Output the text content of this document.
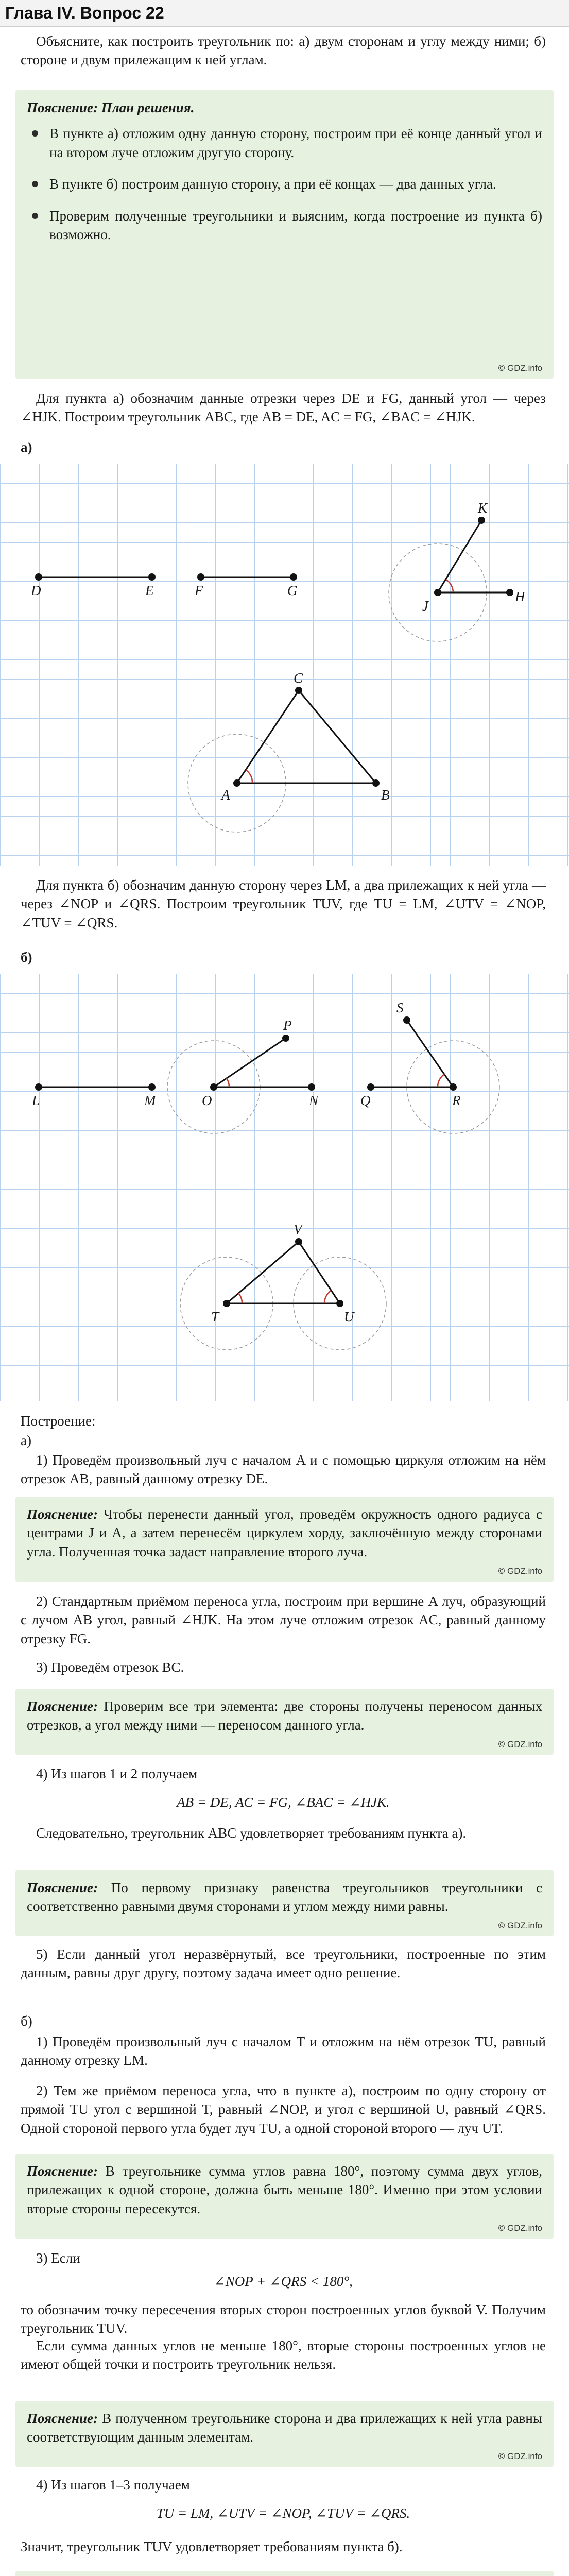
Глава IV. Вопрос 22
Объясните, как построить треугольник по: а) двум сторонам и углу между ними; б) стороне и двум прилежащим к ней углам.
Пояснение: План решения.
В пункте а) отложим одну данную сторону, построим при её конце данный угол и на втором луче отложим другую сторону.
В пункте б) построим данную сторону, а при её концах — два данных угла.
Проверим полученные треугольники и выясним, когда построение из пункта б) возможно.
© GDZ.info
Для пункта а) обозначим данные отрезки через DE и FG, данный угол — через ∠HJK. Построим треугольник ABC, где AB = DE, AC = FG, ∠BAC = ∠HJK.
а)
D	E	F	G	H
J
K
A	B
C
Для пункта б) обозначим данную сторону через LM, а два прилежащих к ней угла — через ∠NOP и ∠QRS. Построим треугольник TUV, где TU = LM, ∠UTV = ∠NOP, ∠TUV = ∠QRS.
б)
L	M	N
O
P
Q	R
S
T	U
V
Построение:
а)
1) Проведём произвольный луч с началом A и с помощью циркуля отложим на нём отрезок AB, равный данному отрезку DE.
Пояснение: Чтобы перенести данный угол, проведём окружность одного радиуса с центрами J и A, а затем перенесём циркулем хорду, заключённую между сторонами угла. Полученная точка задаст направление второго луча.
© GDZ.info
2) Стандартным приёмом переноса угла, построим при вершине A луч, образующий с лучом AB угол, равный ∠HJK. На этом луче отложим отрезок AC, равный данному отрезку FG.
3) Проведём отрезок BC.
Пояснение: Проверим все три элемента: две стороны получены переносом данных отрезков, а угол между ними — переносом данного угла.
© GDZ.info
4) Из шагов 1 и 2 получаем
AB = DE, AC = FG, ∠BAC = ∠HJK.
Следовательно, треугольник ABC удовлетворяет требованиям пункта а).
Пояснение: По первому признаку равенства треугольников треугольники с соответственно равными двумя сторонами и углом между ними равны.
© GDZ.info
5) Если данный угол неразвёрнутый, все треугольники, построенные по этим данным, равны друг другу, поэтому задача имеет одно решение.
б)
1) Проведём произвольный луч с началом T и отложим на нём отрезок TU, равный данному отрезку LM.
2) Тем же приёмом переноса угла, что в пункте а), построим по одну сторону от прямой TU угол с вершиной T, равный ∠NOP, и угол с вершиной U, равный ∠QRS. Одной стороной первого угла будет луч TU, а одной стороной второго — луч UT.
Пояснение: В треугольнике сумма углов равна 180°, поэтому сумма двух углов, прилежащих к одной стороне, должна быть меньше 180°. Именно при этом условии вторые стороны пересекутся.
© GDZ.info
3) Если
∠NOP + ∠QRS < 180°,
то обозначим точку пересечения вторых сторон построенных углов буквой V. Получим треугольник TUV.
Если сумма данных углов не меньше 180°, вторые стороны построенных углов не имеют общей точки и построить треугольник нельзя.
Пояснение: В полученном треугольнике сторона и два прилежащих к ней угла равны соответствующим данным элементам.
© GDZ.info
4) Из шагов 1–3 получаем
TU = LM, ∠UTV = ∠NOP, ∠TUV = ∠QRS.
Значит, треугольник TUV удовлетворяет требованиям пункта б).
